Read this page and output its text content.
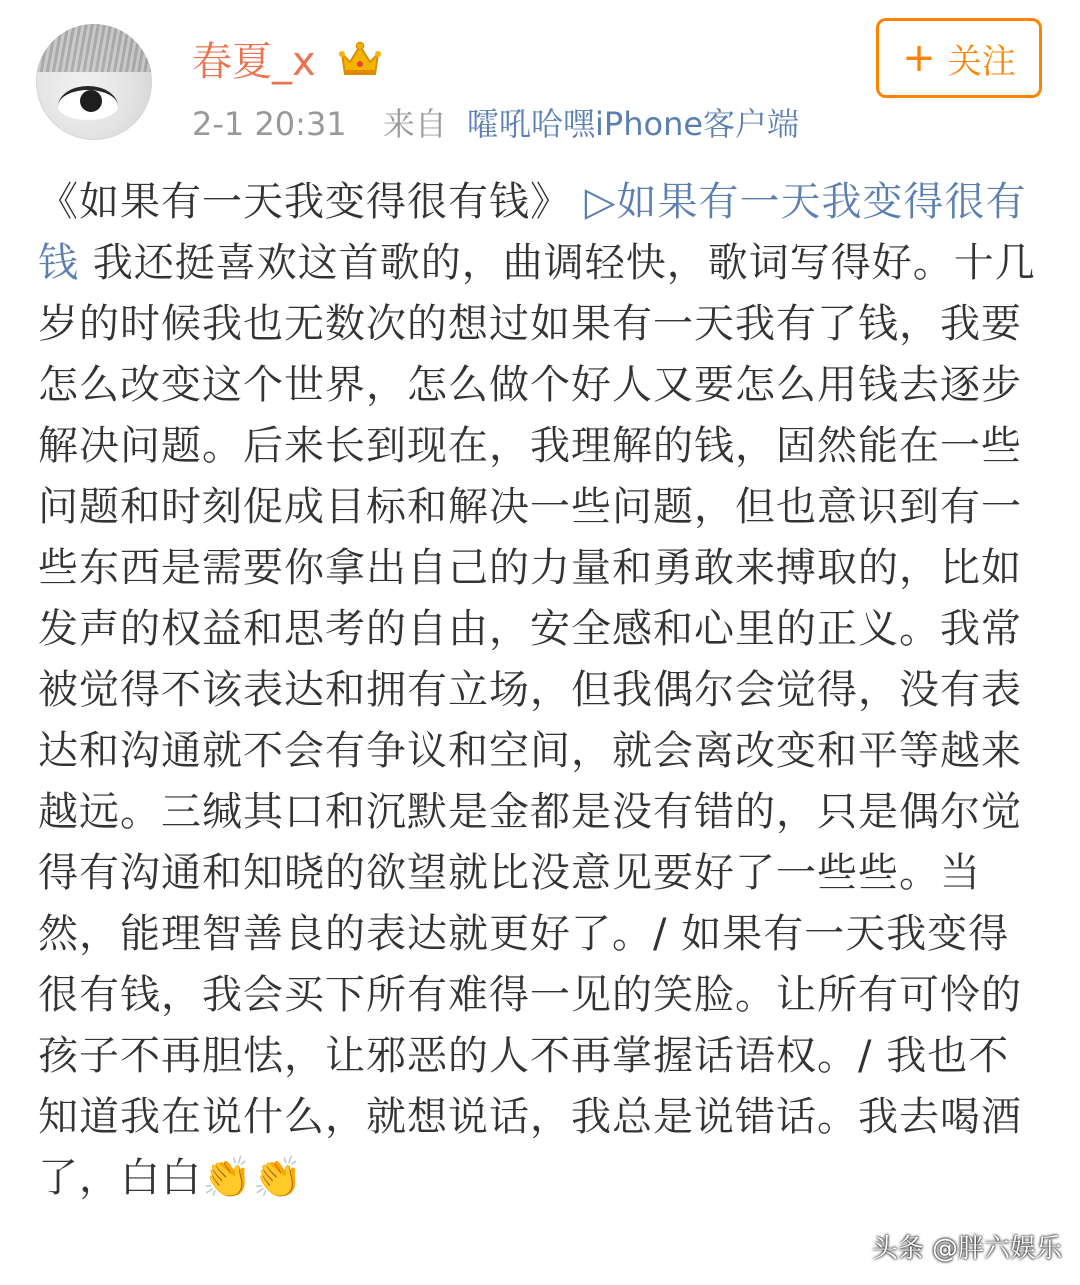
春夏_x
2-1 20:31 来自 嚯吼哈嘿iPhone客户端
+ 关注
《如果有一天我变得很有钱》 ▷如果有一天我变得很有钱 我还挺喜欢这首歌的，曲调轻快，歌词写得好。十几岁的时候我也无数次的想过如果有一天我有了钱，我要怎么改变这个世界，怎么做个好人又要怎么用钱去逐步解决问题。后来长到现在，我理解的钱，固然能在一些问题和时刻促成目标和解决一些问题，但也意识到有一些东西是需要你拿出自己的力量和勇敢来搏取的，比如发声的权益和思考的自由，安全感和心里的正义。我常被觉得不该表达和拥有立场，但我偶尔会觉得，没有表达和沟通就不会有争议和空间，就会离改变和平等越来越远。三缄其口和沉默是金都是没有错的，只是偶尔觉得有沟通和知晓的欲望就比没意见要好了一些些。当然，能理智善良的表达就更好了。/ 如果有一天我变得很有钱，我会买下所有难得一见的笑脸。让所有可怜的孩子不再胆怯，让邪恶的人不再掌握话语权。/ 我也不知道我在说什么，就想说话，我总是说错话。我去喝酒了，白白👏👏
头条 @胖六娱乐
